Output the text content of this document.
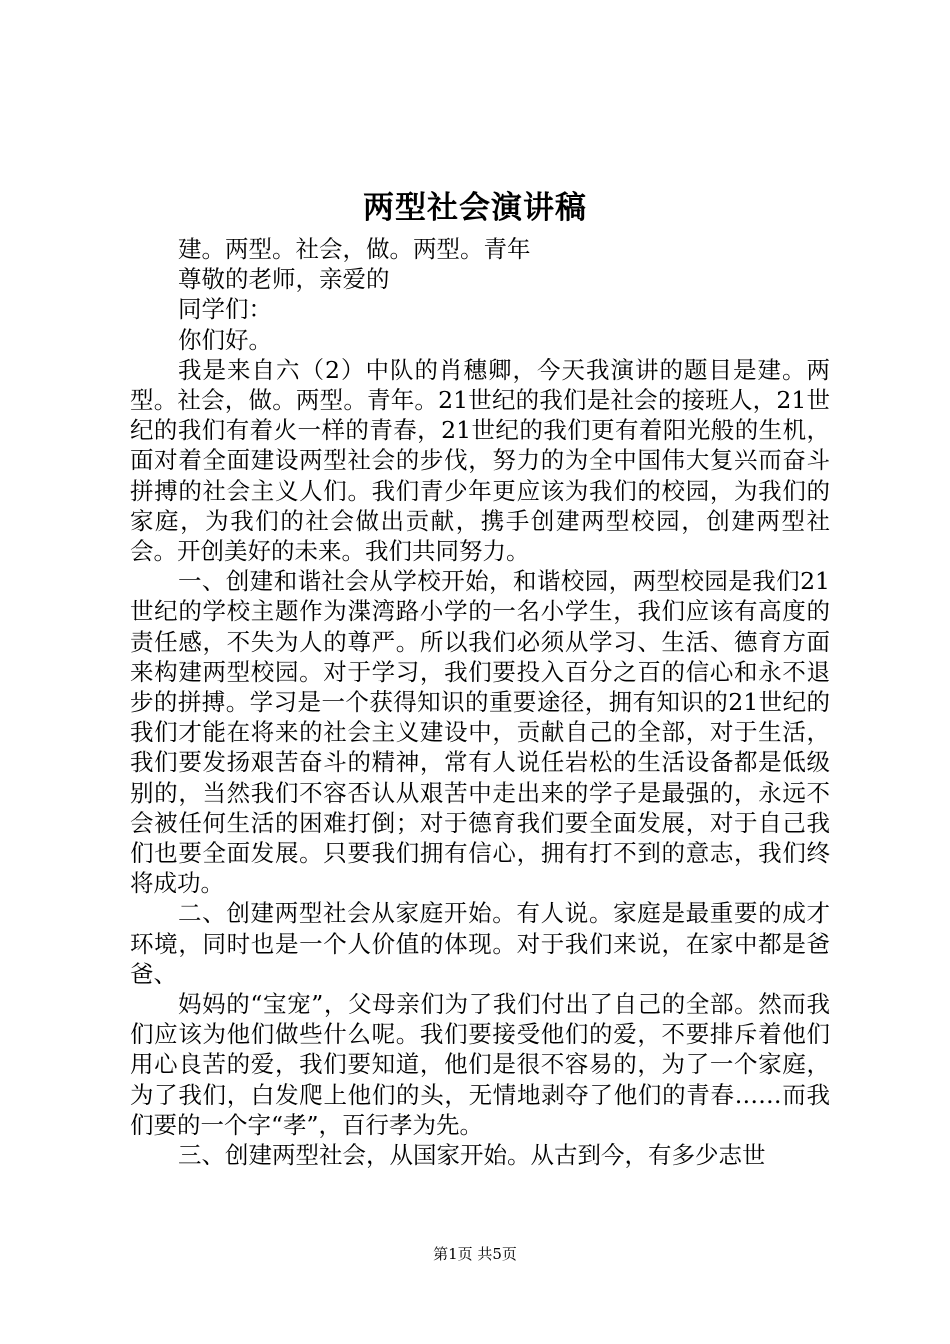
两型社会演讲稿

建。两型。社会，做。两型。青年

尊敬的老师，亲爱的

同学们：

你们好。

我是来自六（2）中队的肖穗卿，今天我演讲的题目是建。两型。社会，做。两型。青年。21世纪的我们是社会的接班人，21世纪的我们有着火一样的青春，21世纪的我们更有着阳光般的生机，面对着全面建设两型社会的步伐，努力的为全中国伟大复兴而奋斗拼搏的社会主义人们。我们青少年更应该为我们的校园，为我们的家庭，为我们的社会做出贡献，携手创建两型校园，创建两型社会。开创美好的未来。我们共同努力。

一、创建和谐社会从学校开始，和谐校园，两型校园是我们21世纪的学校主题作为渫湾路小学的一名小学生，我们应该有高度的责任感，不失为人的尊严。所以我们必须从学习、生活、德育方面来构建两型校园。对于学习，我们要投入百分之百的信心和永不退步的拼搏。学习是一个获得知识的重要途径，拥有知识的21世纪的我们才能在将来的社会主义建设中，贡献自己的全部，对于生活，我们要发扬艰苦奋斗的精神，常有人说任岩松的生活设备都是低级别的，当然我们不容否认从艰苦中走出来的学子是最强的，永远不会被任何生活的困难打倒；对于德育我们要全面发展，对于自己我们也要全面发展。只要我们拥有信心，拥有打不到的意志，我们终将成功。

二、创建两型社会从家庭开始。有人说。家庭是最重要的成才环境，同时也是一个人价值的体现。对于我们来说，在家中都是爸爸、

妈妈的“宝宠”，父母亲们为了我们付出了自己的全部。然而我们应该为他们做些什么呢。我们要接受他们的爱，不要排斥着他们用心良苦的爱，我们要知道，他们是很不容易的，为了一个家庭，为了我们，白发爬上他们的头，无情地剥夺了他们的青春……而我们要的一个字“孝”，百行孝为先。

三、创建两型社会，从国家开始。从古到今，有多少志世

第1页 共5页
